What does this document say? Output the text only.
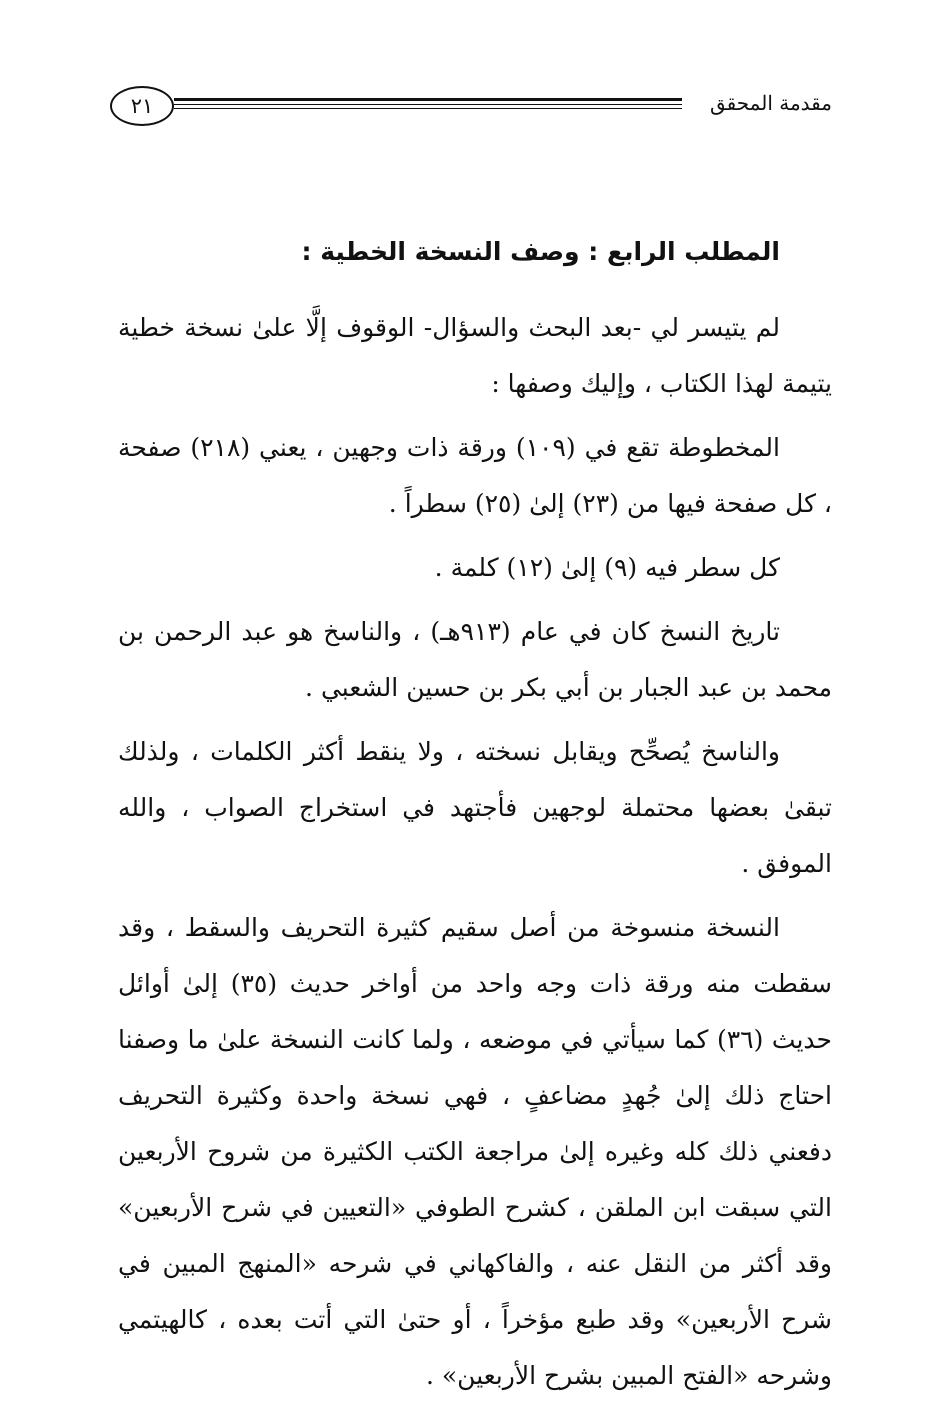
٢١	مقدمة المحقق
المطلب الرابع : وصف النسخة الخطية :

لم يتيسر لي -بعد البحث والسؤال- الوقوف إلَّا علىٰ نسخة خطية يتيمة لهذا الكتاب ، وإليك وصفها :

المخطوطة تقع في (١٠٩) ورقة ذات وجهين ، يعني (٢١٨) صفحة ، كل صفحة فيها من (٢٣) إلىٰ (٢٥) سطراً .

كل سطر فيه (٩) إلىٰ (١٢) كلمة .

تاريخ النسخ كان في عام (٩١٣هـ) ، والناسخ هو عبد الرحمن بن محمد بن عبد الجبار بن أبي بكر بن حسين الشعبي .

والناسخ يُصحِّح ويقابل نسخته ، ولا ينقط أكثر الكلمات ، ولذلك تبقىٰ بعضها محتملة لوجهين فأجتهد في استخراج الصواب ، والله الموفق .

النسخة منسوخة من أصل سقيم كثيرة التحريف والسقط ، وقد سقطت منه ورقة ذات وجه واحد من أواخر حديث (٣٥) إلىٰ أوائل حديث (٣٦) كما سيأتي في موضعه ، ولما كانت النسخة علىٰ ما وصفنا احتاج ذلك إلىٰ جُهدٍ مضاعفٍ ، فهي نسخة واحدة وكثيرة التحريف دفعني ذلك كله وغيره إلىٰ مراجعة الكتب الكثيرة من شروح الأربعين التي سبقت ابن الملقن ، كشرح الطوفي «التعيين في شرح الأربعين» وقد أكثر من النقل عنه ، والفاكهاني في شرحه «المنهج المبين في شرح الأربعين» وقد طبع مؤخراً ، أو حتىٰ التي أتت بعده ، كالهيتمي وشرحه «الفتح المبين بشرح الأربعين» .
